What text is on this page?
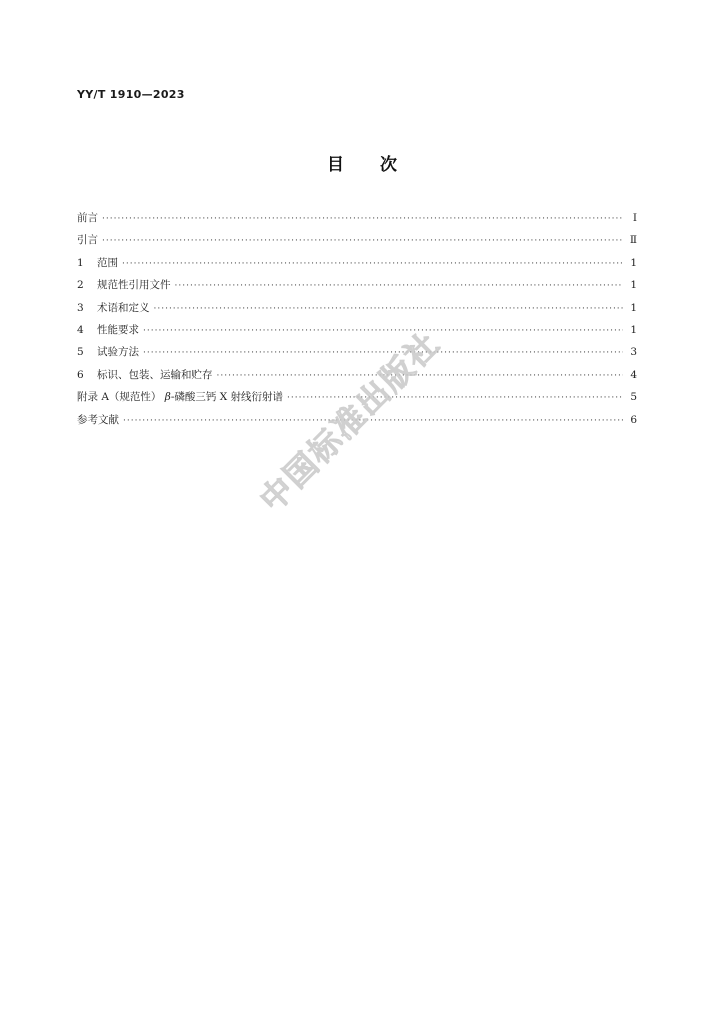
YY/T 1910—2023
目 次
前言 ·····	Ⅰ
引言 ·····	Ⅱ
1	范围 ·····	1
2	规范性引用文件 ·····	1
3	术语和定义 ·····	1
4	性能要求 ·····	1
5	试验方法 ·····	3
6	标识、包装、运输和贮存 ·····	4
附录 A（规范性） β-磷酸三钙 X 射线衍射谱 ·····	5
参考文献 ·····	6
中国标准出版社
